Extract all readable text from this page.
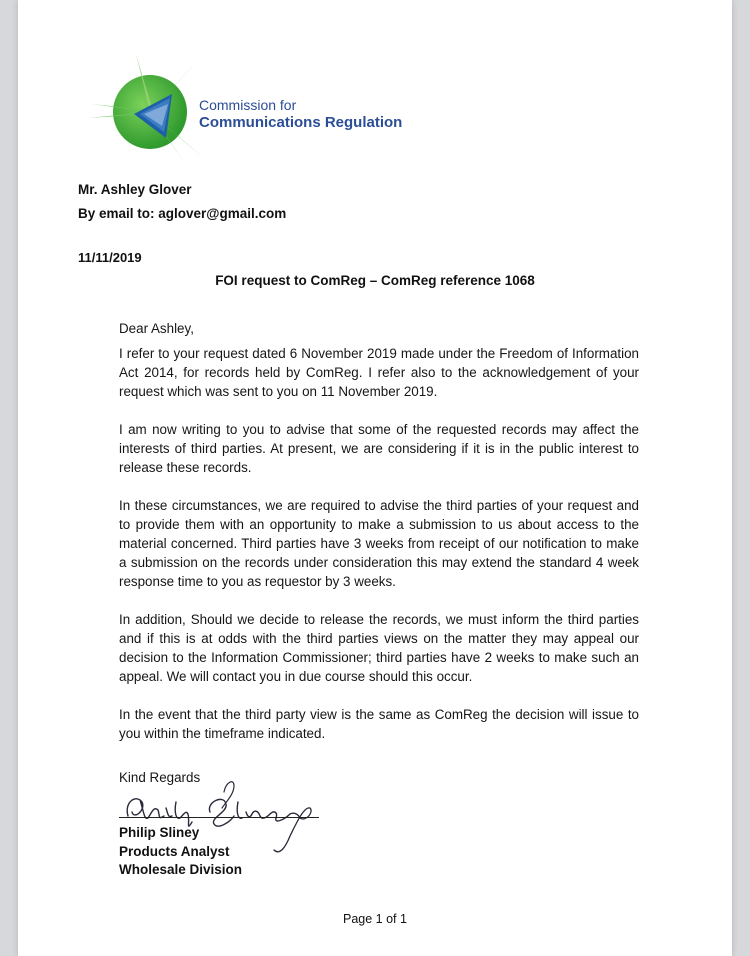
Commission for
Communications Regulation
Mr. Ashley Glover
By email to: aglover@gmail.com
11/11/2019
FOI request to ComReg – ComReg reference 1068

Dear Ashley,

I refer to your request dated 6 November 2019 made under the Freedom of Information Act 2014, for records held by ComReg. I refer also to the acknowledgement of your request which was sent to you on 11 November 2019.

I am now writing to you to advise that some of the requested records may affect the interests of third parties. At present, we are considering if it is in the public interest to release these records.

In these circumstances, we are required to advise the third parties of your request and to provide them with an opportunity to make a submission to us about access to the material concerned. Third parties have 3 weeks from receipt of our notification to make a submission on the records under consideration this may extend the standard 4 week response time to you as requestor by 3 weeks.

In addition, Should we decide to release the records, we must inform the third parties and if this is at odds with the third parties views on the matter they may appeal our decision to the Information Commissioner; third parties have 2 weeks to make such an appeal. We will contact you in due course should this occur.

In the event that the third party view is the same as ComReg the decision will issue to you within the timeframe indicated.

Kind Regards
Philip Sliney
Products Analyst
Wholesale Division
Page 1 of 1
